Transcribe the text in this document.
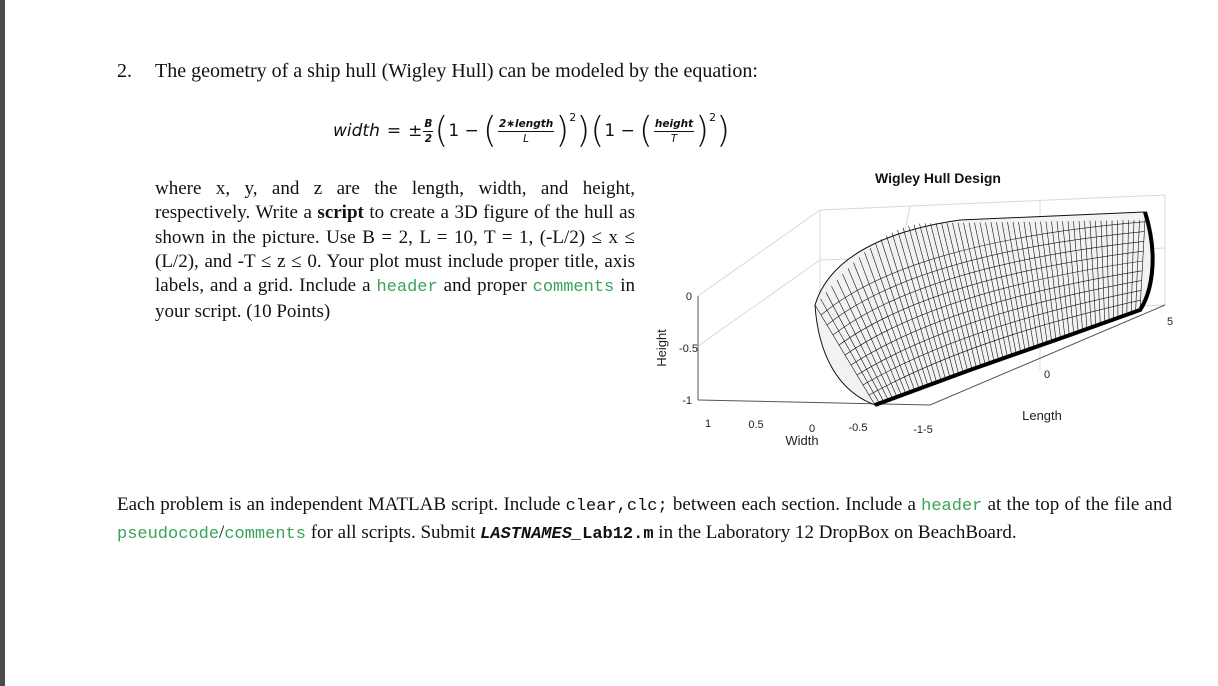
2. The geometry of a ship hull (Wigley Hull) can be modeled by the equation:
width = ± $\frac{B}{2}$ ( 1 − ( $\frac{\text{2∗length}}{L}$ ) 2 ) ( 1 − ( $\frac{\text{height}}{T}$ ) 2 )
where x, y, and z are the length, width, and height, respectively. Write a script to create a 3D figure of the hull as shown in the picture. Use B = 2, L = 10, T = 1, (-L/2) ≤ x ≤ (L/2), and -T ≤ z ≤ 0. Your plot must include proper title, axis labels, and a grid. Include a header and proper comments in your script. (10 Points)
0
-0.5
-1
1	0.5	0	-0.5	-1-5
0
5
Wigley Hull Design
Width
Length
Height
Each problem is an independent MATLAB script. Include clear,clc; between each section. Include a header at the top of the file and pseudocode/comments for all scripts. Submit LASTNAMES_Lab12.m in the Laboratory 12 DropBox on BeachBoard.
